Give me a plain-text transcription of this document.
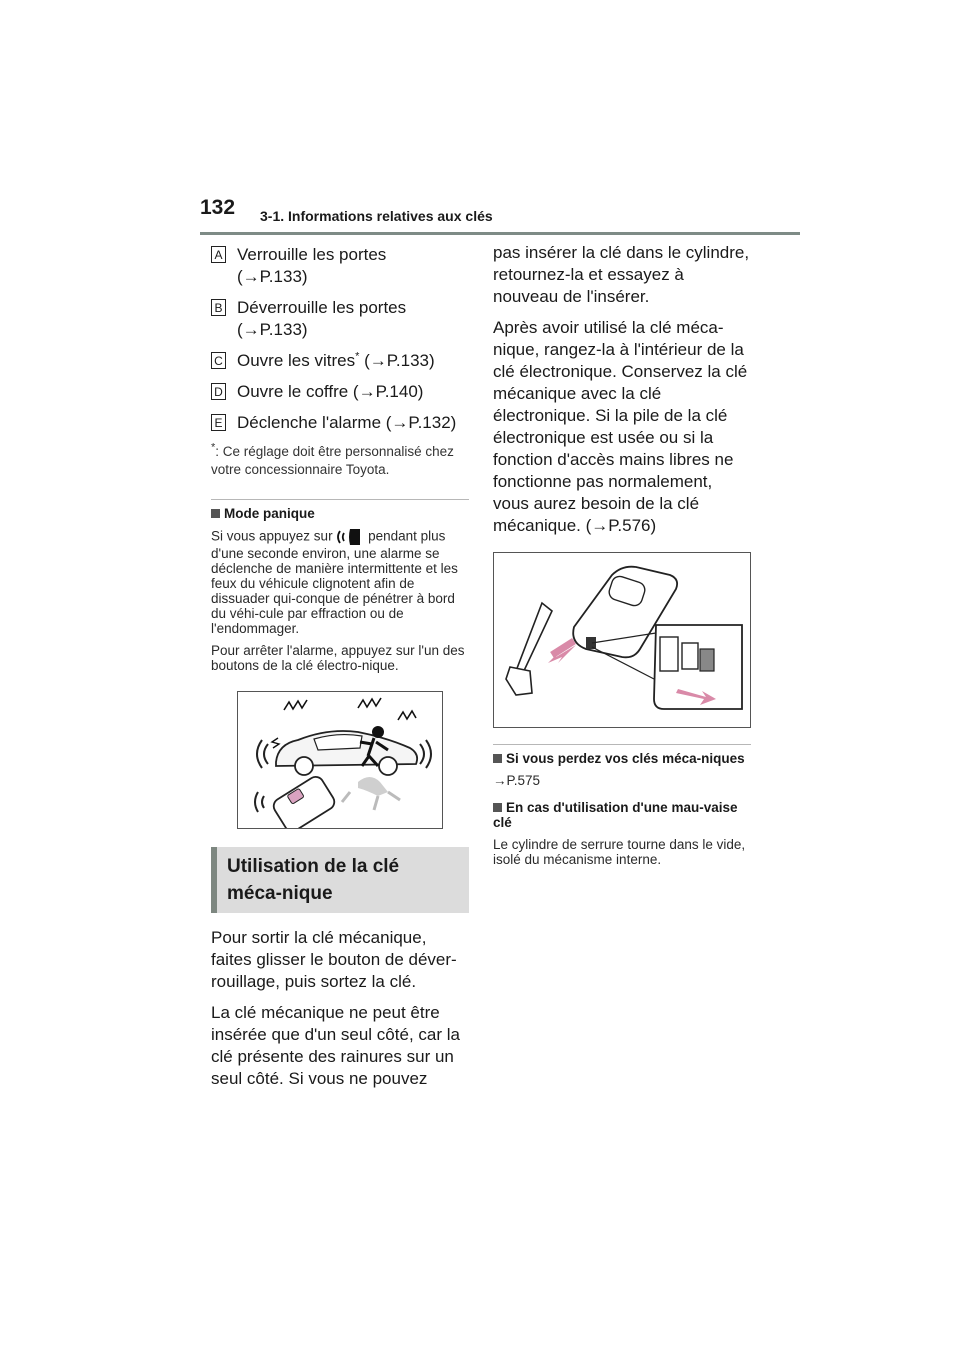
132 3-1. Informations relatives aux clés
A Verrouille les portes
(→P.133)
B Déverrouille les portes
(→P.133)
C Ouvre les vitres* (→P.133)
D Ouvre le coffre (→P.140)
E Déclenche l'alarme (→P.132)
*: Ce réglage doit être personnalisé chez votre concessionnaire Toyota.
Mode panique
Si vous appuyez sur	pendant plus d'une seconde environ, une alarme se déclenche de manière intermittente et les feux du véhicule clignotent afin de dissuader qui-conque de pénétrer à bord du véhi-cule par effraction ou de l'endommager.
Pour arrêter l'alarme, appuyez sur l'un des boutons de la clé électro-nique.
Utilisation de la clé méca-nique
Pour sortir la clé mécanique, faites glisser le bouton de déver-rouillage, puis sortez la clé.
La clé mécanique ne peut être insérée que d'un seul côté, car la clé présente des rainures sur un seul côté. Si vous ne pouvez
pas insérer la clé dans le cylindre, retournez-la et essayez à nouveau de l'insérer.
Après avoir utilisé la clé méca-nique, rangez-la à l'intérieur de la clé électronique. Conservez la clé mécanique avec la clé électronique. Si la pile de la clé électronique est usée ou si la fonction d'accès mains libres ne fonctionne pas normalement, vous aurez besoin de la clé mécanique. (→P.576)
Si vous perdez vos clés méca-niques
→P.575
En cas d'utilisation d'une mau-vaise clé
Le cylindre de serrure tourne dans le vide, isolé du mécanisme interne.
